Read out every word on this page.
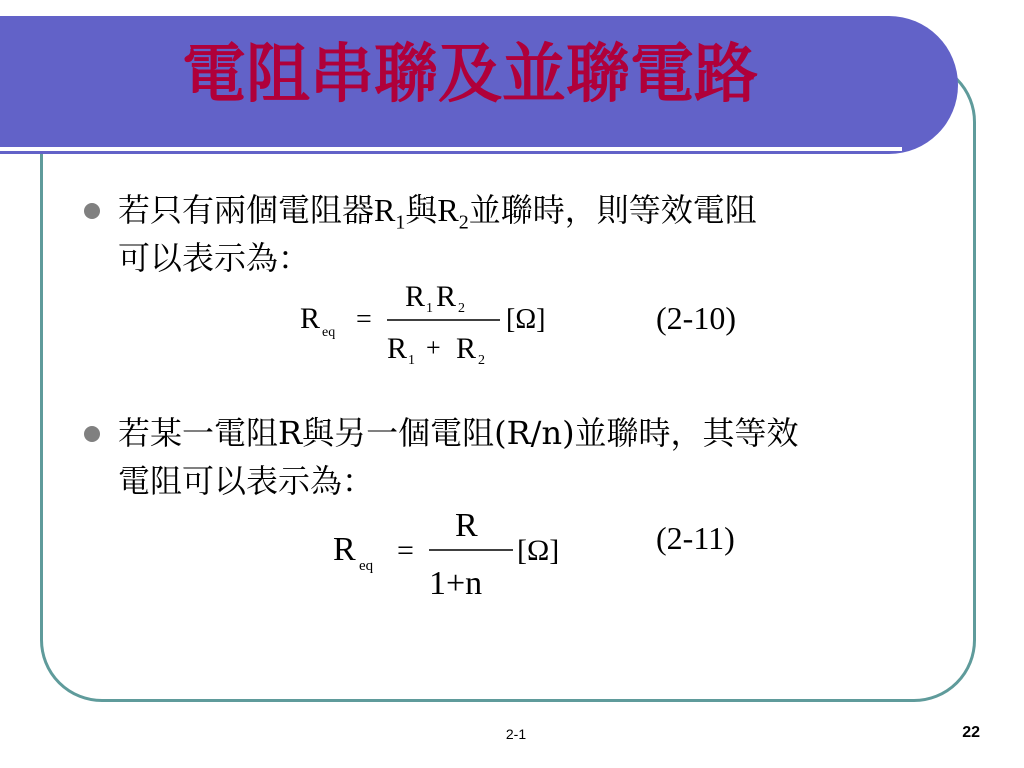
電阻串聯及並聯電路
若只有兩個電阻器$R_1$與$R_2$並聯時，則等效電阻
可以表示為：
R eq =
R 1 R 2
R 1 + R 2
[Ω]	(2-10)
若某一電阻R與另一個電阻(R/n)並聯時，其等效
電阻可以表示為：
R eq =
R
1+n
[Ω]	(2-11)
2-1	22
